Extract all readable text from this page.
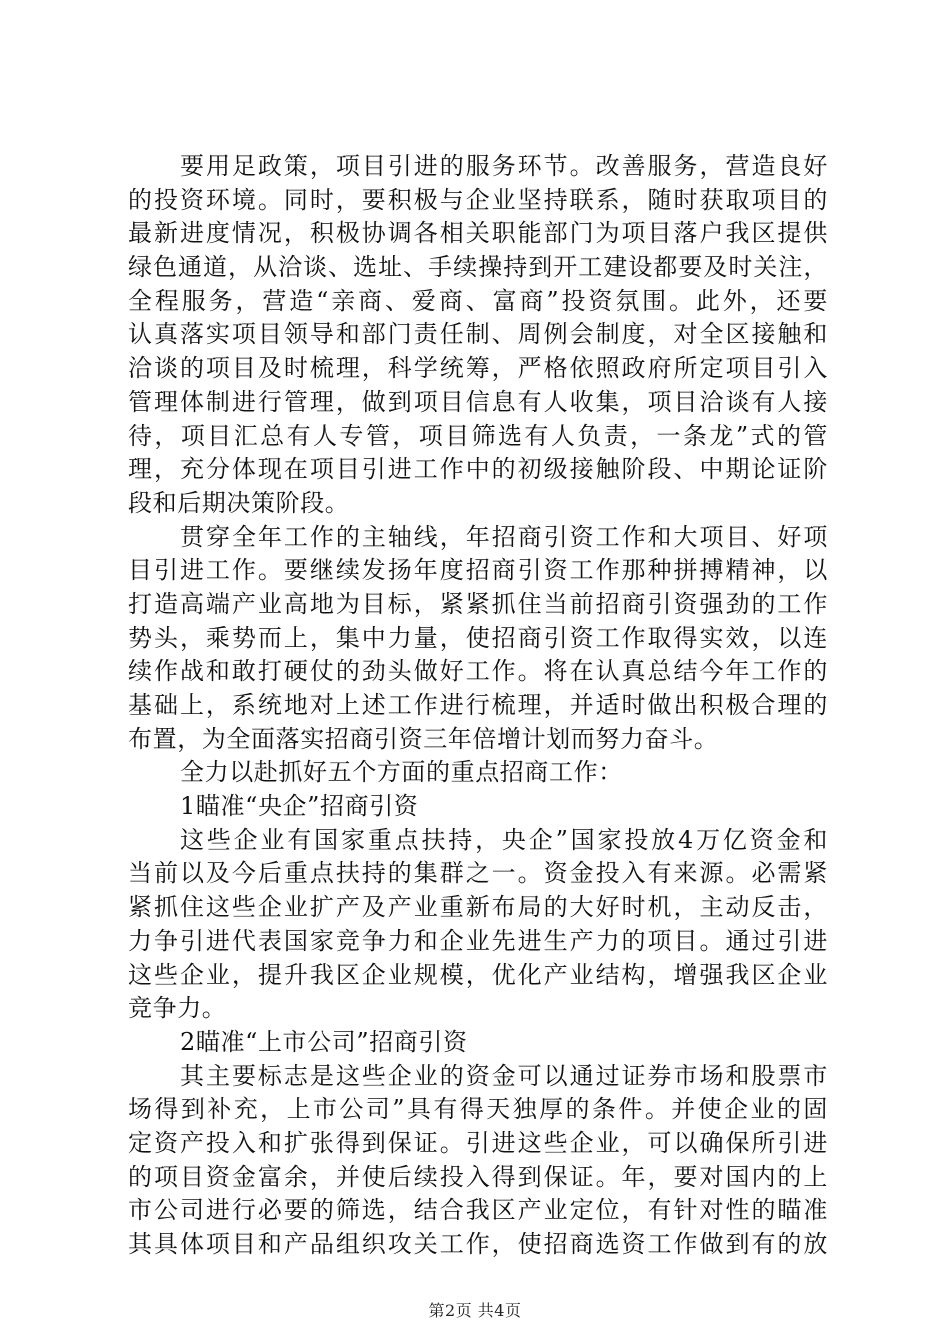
要用足政策，项目引进的服务环节。改善服务，营造良好
的投资环境。同时，要积极与企业坚持联系，随时获取项目的
最新进度情况，积极协调各相关职能部门为项目落户我区提供
绿色通道，从洽谈、选址、手续操持到开工建设都要及时关注，
全程服务，营造“亲商、爱商、富商”投资氛围。此外，还要
认真落实项目领导和部门责任制、周例会制度，对全区接触和
洽谈的项目及时梳理，科学统筹，严格依照政府所定项目引入
管理体制进行管理，做到项目信息有人收集，项目洽谈有人接
待，项目汇总有人专管，项目筛选有人负责，一条龙”式的管
理，充分体现在项目引进工作中的初级接触阶段、中期论证阶
段和后期决策阶段。
贯穿全年工作的主轴线，年招商引资工作和大项目、好项
目引进工作。要继续发扬年度招商引资工作那种拼搏精神，以
打造高端产业高地为目标，紧紧抓住当前招商引资强劲的工作
势头，乘势而上，集中力量，使招商引资工作取得实效，以连
续作战和敢打硬仗的劲头做好工作。将在认真总结今年工作的
基础上，系统地对上述工作进行梳理，并适时做出积极合理的
布置，为全面落实招商引资三年倍增计划而努力奋斗。
全力以赴抓好五个方面的重点招商工作：
1瞄准“央企”招商引资
这些企业有国家重点扶持，央企”国家投放4万亿资金和
当前以及今后重点扶持的集群之一。资金投入有来源。必需紧
紧抓住这些企业扩产及产业重新布局的大好时机，主动反击，
力争引进代表国家竞争力和企业先进生产力的项目。通过引进
这些企业，提升我区企业规模，优化产业结构，增强我区企业
竞争力。
2瞄准“上市公司”招商引资
其主要标志是这些企业的资金可以通过证券市场和股票市
场得到补充，上市公司”具有得天独厚的条件。并使企业的固
定资产投入和扩张得到保证。引进这些企业，可以确保所引进
的项目资金富余，并使后续投入得到保证。年，要对国内的上
市公司进行必要的筛选，结合我区产业定位，有针对性的瞄准
其具体项目和产品组织攻关工作，使招商选资工作做到有的放
第2页 共4页
